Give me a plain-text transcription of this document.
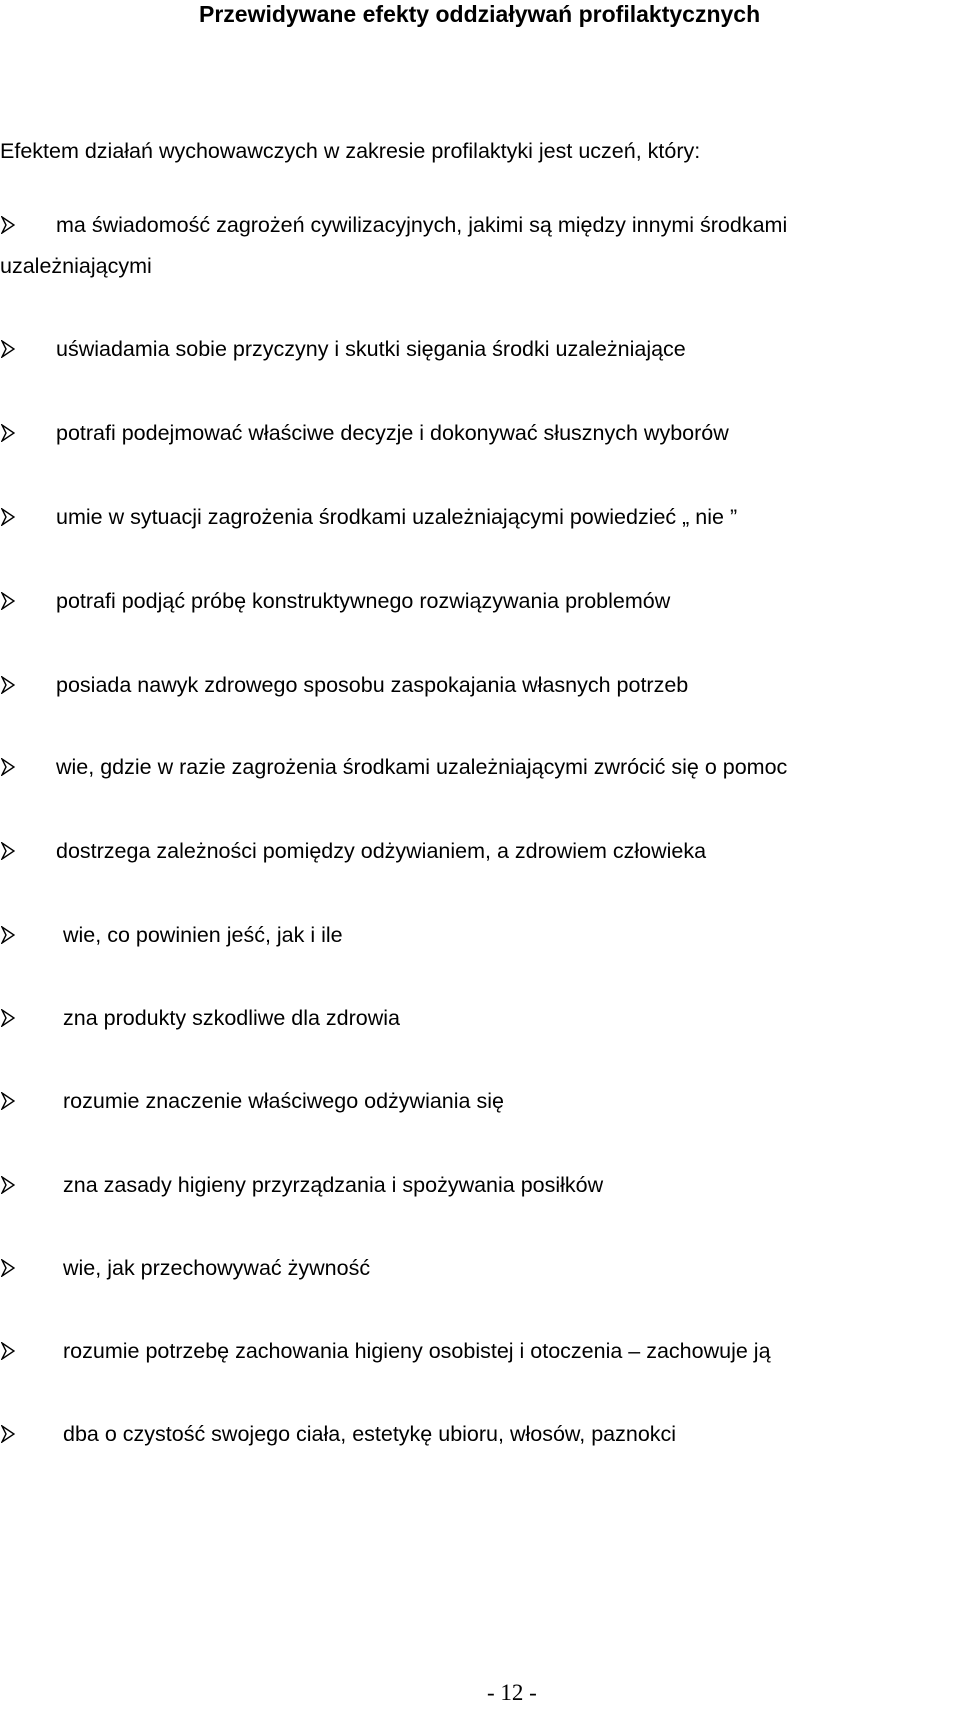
Przewidywane efekty oddziaływań profilaktycznych
Efektem działań wychowawczych w zakresie profilaktyki jest uczeń, który:
ma świadomość zagrożeń cywilizacyjnych, jakimi są między innymi środkami
uzależniającymi
uświadamia sobie przyczyny i skutki sięgania środki uzależniające
potrafi podejmować właściwe decyzje i dokonywać słusznych wyborów
umie w sytuacji zagrożenia środkami uzależniającymi powiedzieć „ nie ”
potrafi podjąć próbę konstruktywnego rozwiązywania problemów
posiada nawyk zdrowego sposobu zaspokajania własnych potrzeb
wie, gdzie w razie zagrożenia środkami uzależniającymi zwrócić się o pomoc
dostrzega zależności pomiędzy odżywianiem, a zdrowiem człowieka
wie, co powinien jeść, jak i ile
zna produkty szkodliwe dla zdrowia
rozumie znaczenie właściwego odżywiania się
zna zasady higieny przyrządzania i spożywania posiłków
wie, jak przechowywać żywność
rozumie potrzebę zachowania higieny osobistej i otoczenia – zachowuje ją
dba o czystość swojego ciała, estetykę ubioru, włosów, paznokci
- 12 -
